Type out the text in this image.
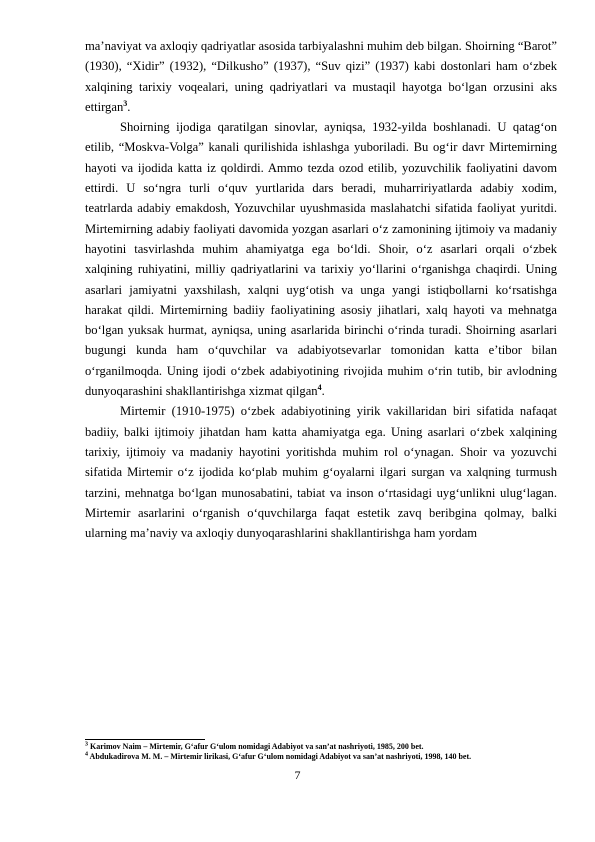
ma’naviyat va axloqiy qadriyatlar asosida tarbiyalashni muhim deb bilgan. Shoirning “Barot” (1930), “Xidir” (1932), “Dilkusho” (1937), “Suv qizi” (1937) kabi dostonlari ham o‘zbek xalqining tarixiy voqealari, uning qadriyatlari va mustaqil hayotga bo‘lgan orzusini aks ettirgan$^3$.

Shoirning ijodiga qaratilgan sinovlar, ayniqsa, 1932-yilda boshlanadi. U qatag‘on etilib, “Moskva-Volga” kanali qurilishida ishlashga yuboriladi. Bu og‘ir davr Mirtemirning hayoti va ijodida katta iz qoldirdi. Ammo tezda ozod etilib, yozuvchilik faoliyatini davom ettirdi. U so‘ngra turli o‘quv yurtlarida dars beradi, muharririyatlarda adabiy xodim, teatrlarda adabiy emakdosh, Yozuvchilar uyushmasida maslahatchi sifatida faoliyat yuritdi. Mirtemirning adabiy faoliyati davomida yozgan asarlari o‘z zamonining ijtimoiy va madaniy hayotini tasvirlashda muhim ahamiyatga ega bo‘ldi. Shoir, o‘z asarlari orqali o‘zbek xalqining ruhiyatini, milliy qadriyatlarini va tarixiy yo‘llarini o‘rganishga chaqirdi. Uning asarlari jamiyatni yaxshilash, xalqni uyg‘otish va unga yangi istiqbollarni ko‘rsatishga harakat qildi. Mirtemirning badiiy faoliyatining asosiy jihatlari, xalq hayoti va mehnatga bo‘lgan yuksak hurmat, ayniqsa, uning asarlarida birinchi o‘rinda turadi. Shoirning asarlari bugungi kunda ham o‘quvchilar va adabiyotsevarlar tomonidan katta e’tibor bilan o‘rganilmoqda. Uning ijodi o‘zbek adabiyotining rivojida muhim o‘rin tutib, bir avlodning dunyoqarashini shakllantirishga xizmat qilgan$^4$.

Mirtemir (1910-1975) o‘zbek adabiyotining yirik vakillaridan biri sifatida nafaqat badiiy, balki ijtimoiy jihatdan ham katta ahamiyatga ega. Uning asarlari o‘zbek xalqining tarixiy, ijtimoiy va madaniy hayotini yoritishda muhim rol o‘ynagan. Shoir va yozuvchi sifatida Mirtemir o‘z ijodida ko‘plab muhim g‘oyalarni ilgari surgan va xalqning turmush tarzini, mehnatga bo‘lgan munosabatini, tabiat va inson o‘rtasidagi uyg‘unlikni ulug‘lagan. Mirtemir asarlarini o‘rganish o‘quvchilarga faqat estetik zavq beribgina qolmay, balki ularning ma’naviy va axloqiy dunyoqarashlarini shakllantirishga ham yordam

$^3$ Karimov Naim – Mirtemir, G‘afur G‘ulom nomidagi Adabiyot va san’at nashriyoti, 1985, 200 bet.

$^4$ Abdukadirova M. M. – Mirtemir lirikasi, G‘afur G‘ulom nomidagi Adabiyot va san’at nashriyoti, 1998, 140 bet.

7
